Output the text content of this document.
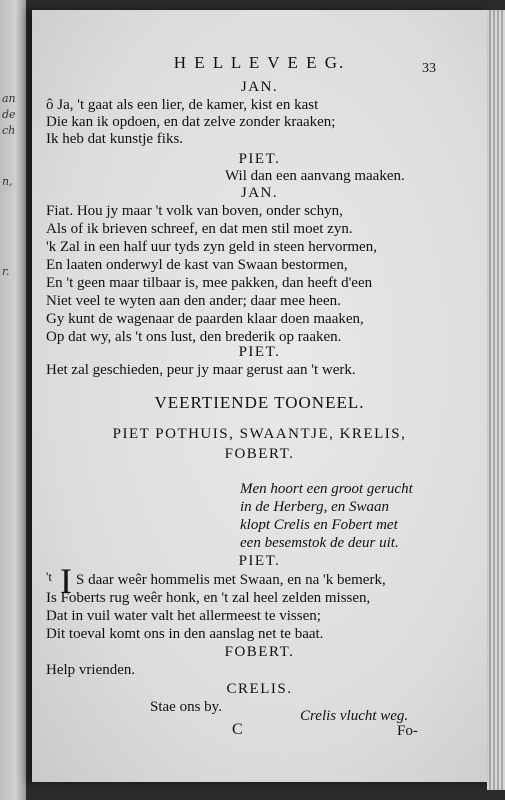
an
de
ch
n,
r.
H E L L E V E E G.	33
JAN.
ô Ja, 't gaat als een lier, de kamer, kist en kast
Die kan ik opdoen, en dat zelve zonder kraaken;
Ik heb dat kunstje fiks.
PIET.
Wil dan een aanvang maaken.
JAN.
Fiat. Hou jy maar 't volk van boven, onder schyn,
Als of ik brieven schreef, en dat men stil moet zyn.
'k Zal in een half uur tyds zyn geld in steen hervormen,
En laaten onderwyl de kast van Swaan bestormen,
En 't geen maar tilbaar is, mee pakken, dan heeft d'een
Niet veel te wyten aan den ander; daar mee heen.
Gy kunt de wagenaar de paarden klaar doen maaken,
Op dat wy, als 't ons lust, den brederik op raaken.
PIET.
Het zal geschieden, peur jy maar gerust aan 't werk.
VEERTIENDE TOONEEL.
PIET POTHUIS, SWAANTJE, KRELIS,
FOBERT.
Men hoort een groot gerucht
in de Herberg, en Swaan
klopt Crelis en Fobert met
een besemstok de deur uit.
PIET.
't I S daar weêr hommelis met Swaan, en na 'k bemerk,
Is Foberts rug weêr honk, en 't zal heel zelden missen,
Dat in vuil water valt het allermeest te vissen;
Dit toeval komt ons in den aanslag net te baat.
FOBERT.
Help vrienden.
CRELIS.
Stae ons by.
Crelis vlucht weg.
C	Fo-
